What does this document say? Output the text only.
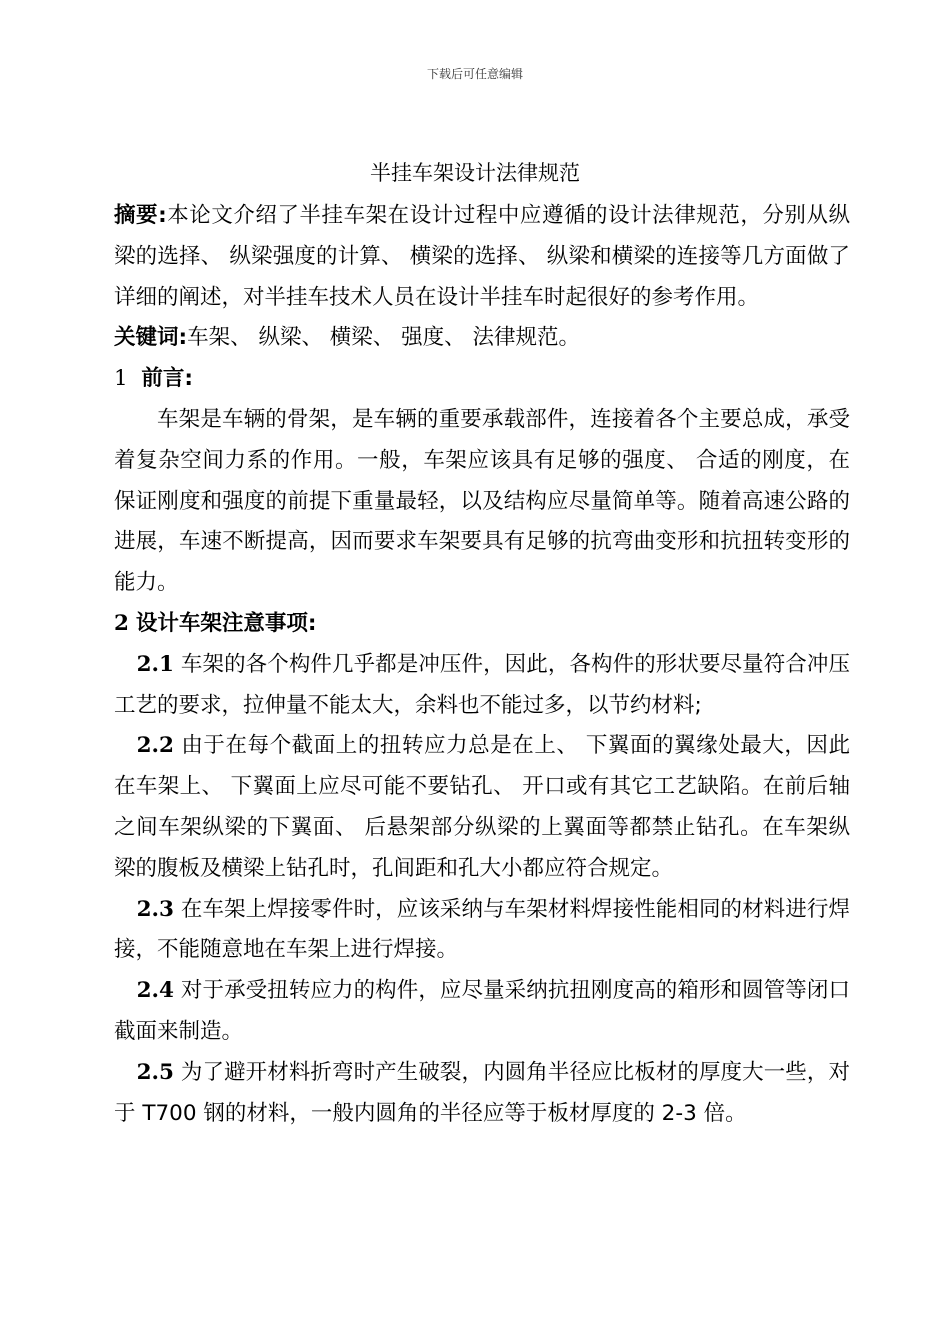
下载后可任意编辑
半挂车架设计法律规范

摘要:本论文介绍了半挂车架在设计过程中应遵循的设计法律规范，分别从纵梁的选择、 纵梁强度的计算、 横梁的选择、 纵梁和横梁的连接等几方面做了详细的阐述，对半挂车技术人员在设计半挂车时起很好的参考作用。

关键词:车架、 纵梁、 横梁、 强度、 法律规范。

1 前言:

车架是车辆的骨架，是车辆的重要承载部件，连接着各个主要总成，承受着复杂空间力系的作用。一般，车架应该具有足够的强度、 合适的刚度，在保证刚度和强度的前提下重量最轻，以及结构应尽量简单等。随着高速公路的进展，车速不断提高，因而要求车架要具有足够的抗弯曲变形和抗扭转变形的能力。

2 设计车架注意事项:

2.1 车架的各个构件几乎都是冲压件，因此，各构件的形状要尽量符合冲压工艺的要求，拉伸量不能太大，余料也不能过多，以节约材料;

2.2 由于在每个截面上的扭转应力总是在上、 下翼面的翼缘处最大，因此在车架上、 下翼面上应尽可能不要钻孔、 开口或有其它工艺缺陷。在前后轴之间车架纵梁的下翼面、 后悬架部分纵梁的上翼面等都禁止钻孔。在车架纵梁的腹板及横梁上钻孔时，孔间距和孔大小都应符合规定。

2.3 在车架上焊接零件时，应该采纳与车架材料焊接性能相同的材料进行焊接，不能随意地在车架上进行焊接。

2.4 对于承受扭转应力的构件，应尽量采纳抗扭刚度高的箱形和圆管等闭口截面来制造。

2.5 为了避开材料折弯时产生破裂，内圆角半径应比板材的厚度大一些，对于 T700 钢的材料，一般内圆角的半径应等于板材厚度的 2-3 倍。
